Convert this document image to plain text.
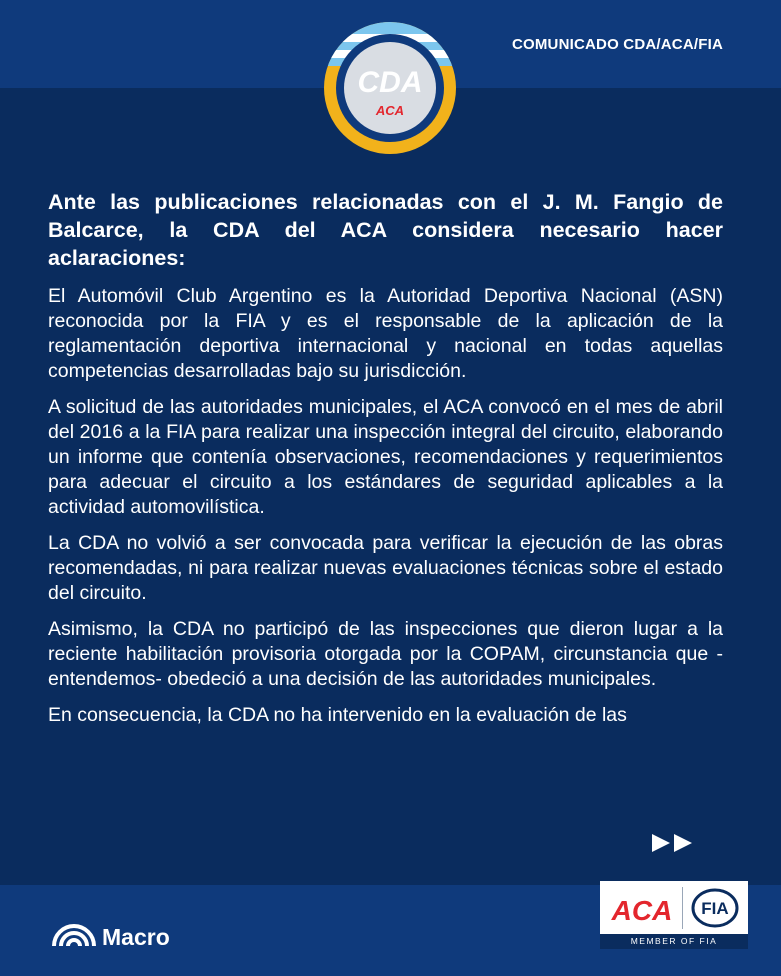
COMUNICADO CDA/ACA/FIA
CDA
ACA

Ante las publicaciones relacionadas con el J. M. Fangio de Balcarce, la CDA del ACA considera necesario hacer aclaraciones:

El Automóvil Club Argentino es la Autoridad Deportiva Nacional (ASN) reconocida por la FIA y es el responsable de la aplicación de la reglamentación deportiva internacional y nacional en todas aquellas competencias desarrolladas bajo su jurisdicción.

A solicitud de las autoridades municipales, el ACA convocó en el mes de abril del 2016 a la FIA para realizar una inspección integral del circuito, elaborando un informe que contenía observaciones, recomendaciones y requerimientos para adecuar el circuito a los estándares de seguridad aplicables a la actividad automovilística.

La CDA no volvió a ser convocada para verificar la ejecución de las obras recomendadas, ni para realizar nuevas evaluaciones técnicas sobre el estado del circuito.

Asimismo, la CDA no participó de las inspecciones que dieron lugar a la reciente habilitación provisoria otorgada por la COPAM, circunstancia que -entendemos- obedeció a una decisión de las autoridades municipales.

En consecuencia, la CDA no ha intervenido en la evaluación de las

Macro
ACA FIA
MEMBER OF FIA
